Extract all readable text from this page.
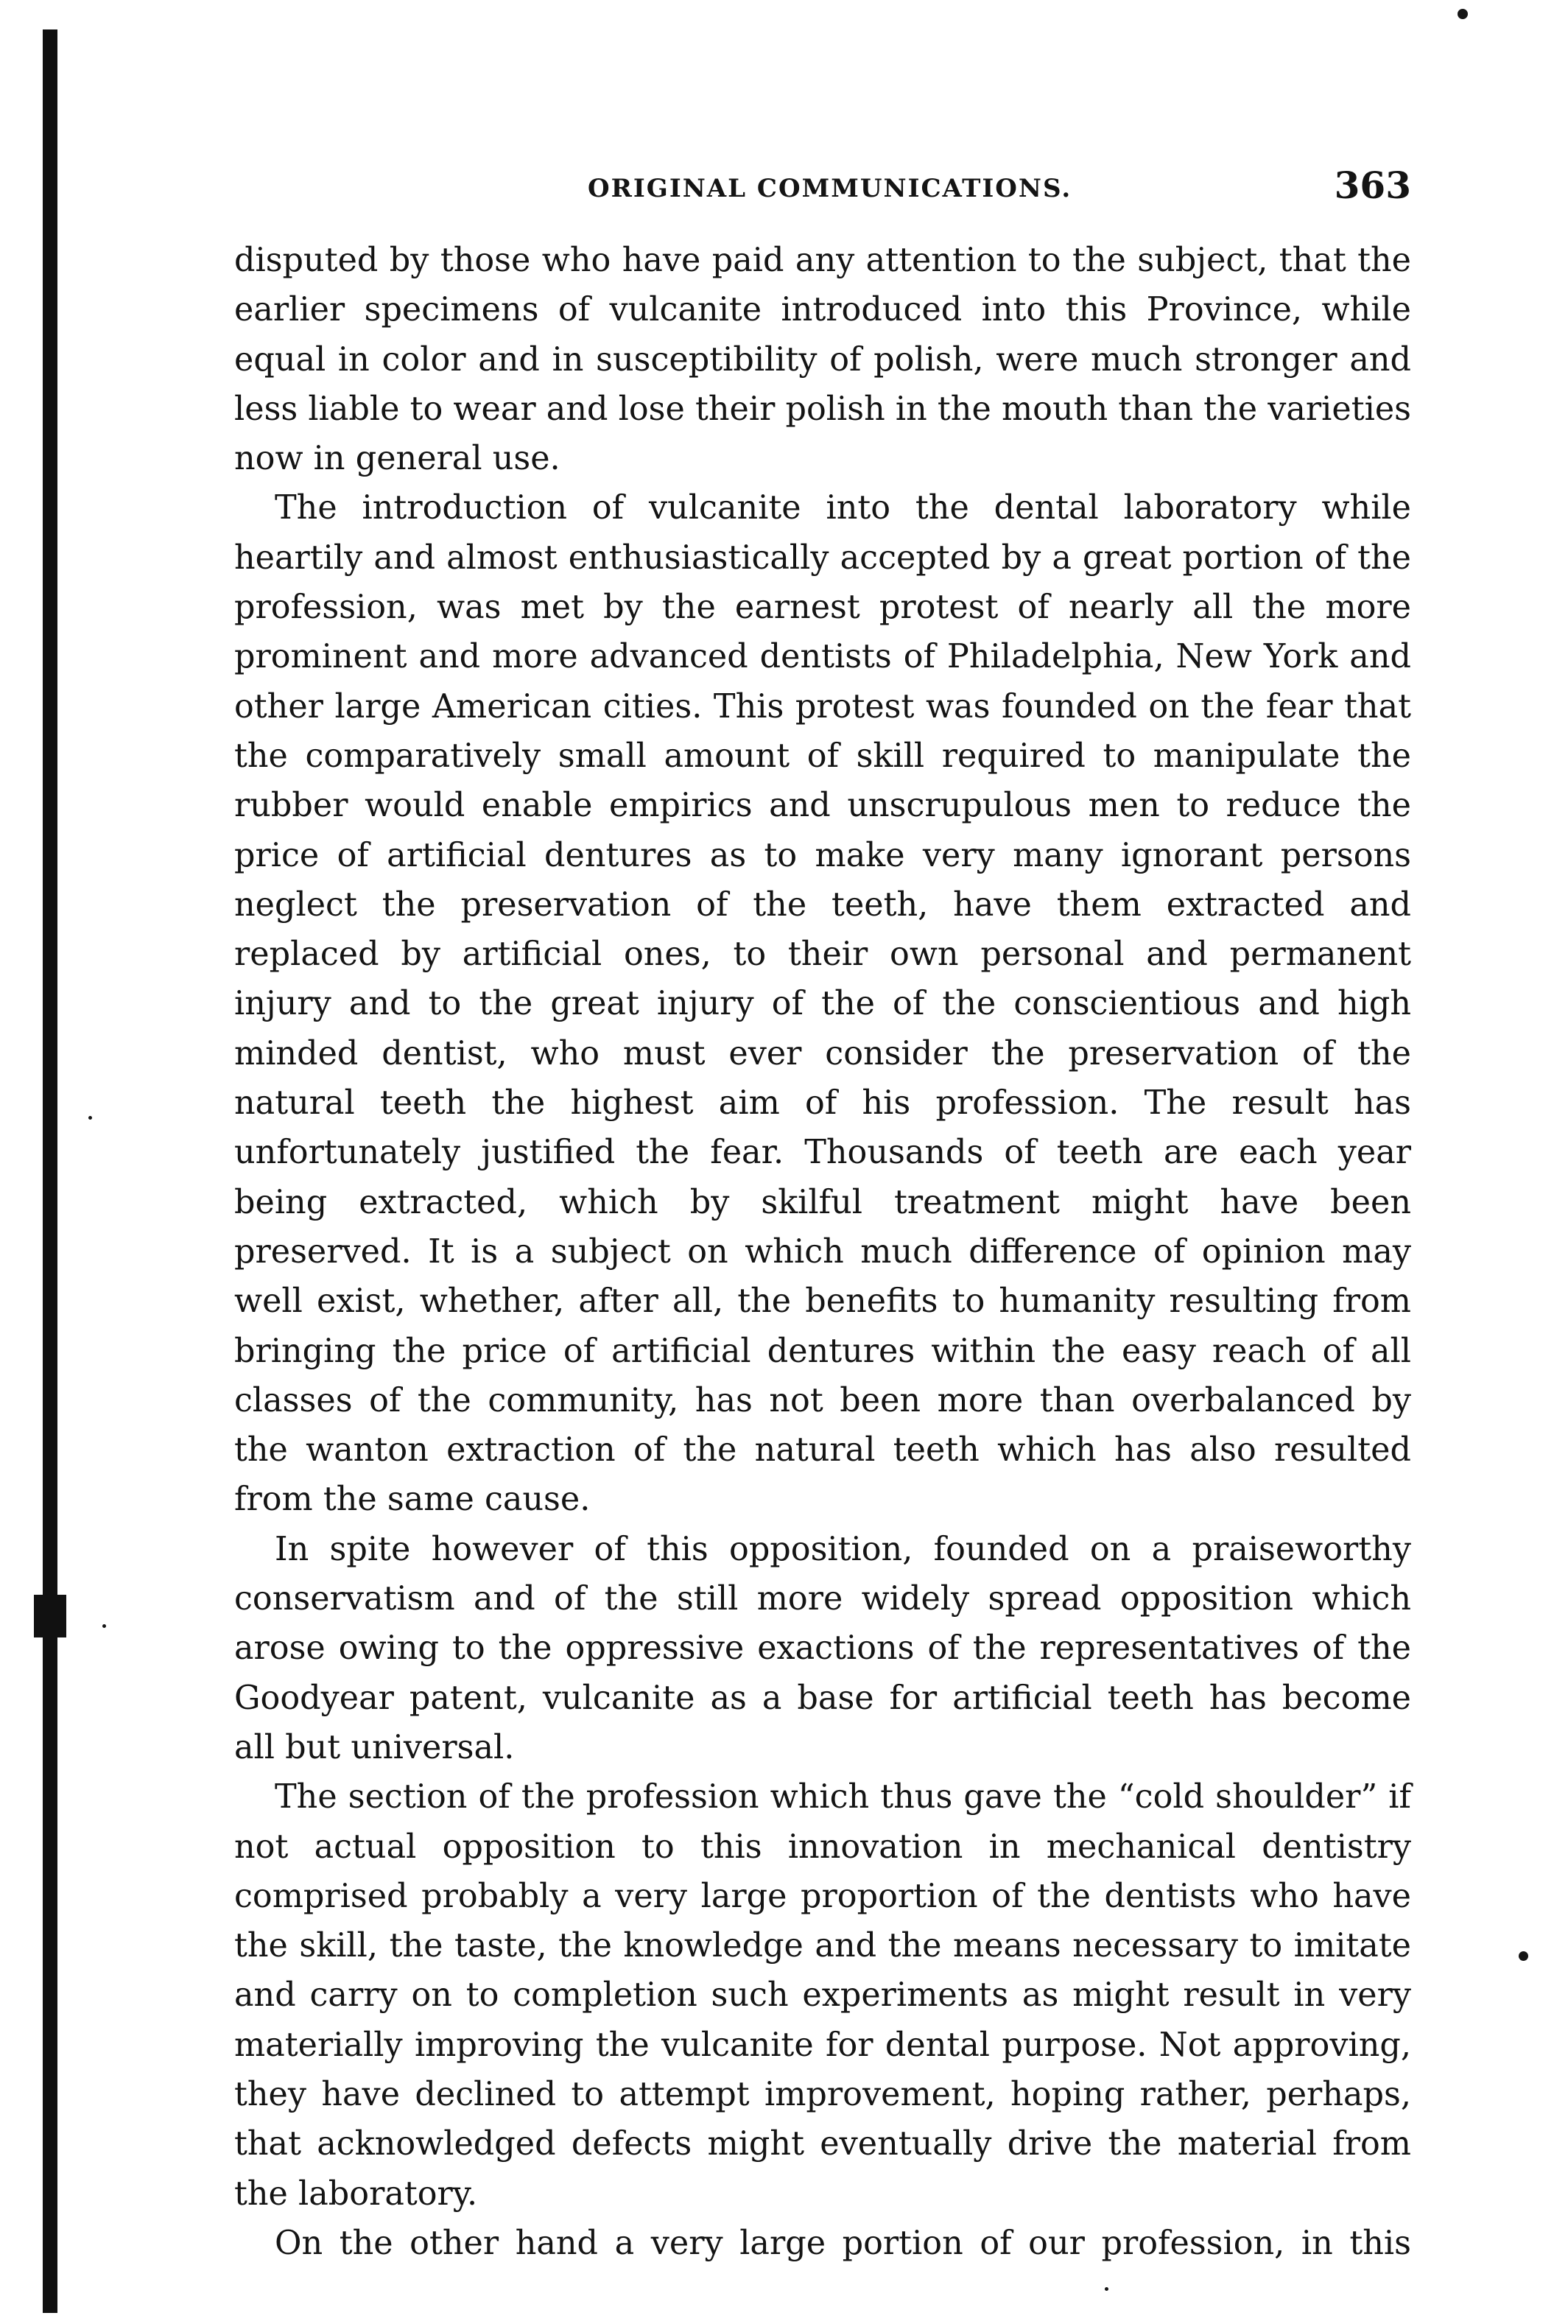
ORIGINAL COMMUNICATIONS.	363

disputed by those who have paid any attention to the subject, that the earlier specimens of vulcanite introduced into this Province, while equal in color and in susceptibility of polish, were much stronger and less liable to wear and lose their polish in the mouth than the varieties now in general use.

The introduction of vulcanite into the dental laboratory while heartily and almost enthusiastically accepted by a great portion of the profession, was met by the earnest protest of nearly all the more prominent and more advanced dentists of Philadelphia, New York and other large American cities. This protest was founded on the fear that the comparatively small amount of skill required to manipulate the rubber would enable empirics and unscrupulous men to reduce the price of artificial dentures as to make very many ignorant persons neglect the preservation of the teeth, have them extracted and replaced by artificial ones, to their own personal and permanent injury and to the great injury of the of the conscientious and high minded dentist, who must ever consider the preservation of the natural teeth the highest aim of his profession. The result has unfortunately justified the fear. Thousands of teeth are each year being extracted, which by skilful treatment might have been preserved. It is a subject on which much difference of opinion may well exist, whether, after all, the benefits to humanity resulting from bringing the price of artificial dentures within the easy reach of all classes of the community, has not been more than overbalanced by the wanton extraction of the natural teeth which has also resulted from the same cause.

In spite however of this opposition, founded on a praiseworthy conservatism and of the still more widely spread opposition which arose owing to the oppressive exactions of the representatives of the Goodyear patent, vulcanite as a base for artificial teeth has become all but universal.

The section of the profession which thus gave the “cold shoulder” if not actual opposition to this innovation in mechanical dentistry comprised probably a very large proportion of the dentists who have the skill, the taste, the knowledge and the means necessary to imitate and carry on to completion such experiments as might result in very materially improving the vulcanite for dental purpose. Not approving, they have declined to attempt improvement, hoping rather, perhaps, that acknowledged defects might eventually drive the material from the laboratory.

On the other hand a very large portion of our profession, in this
